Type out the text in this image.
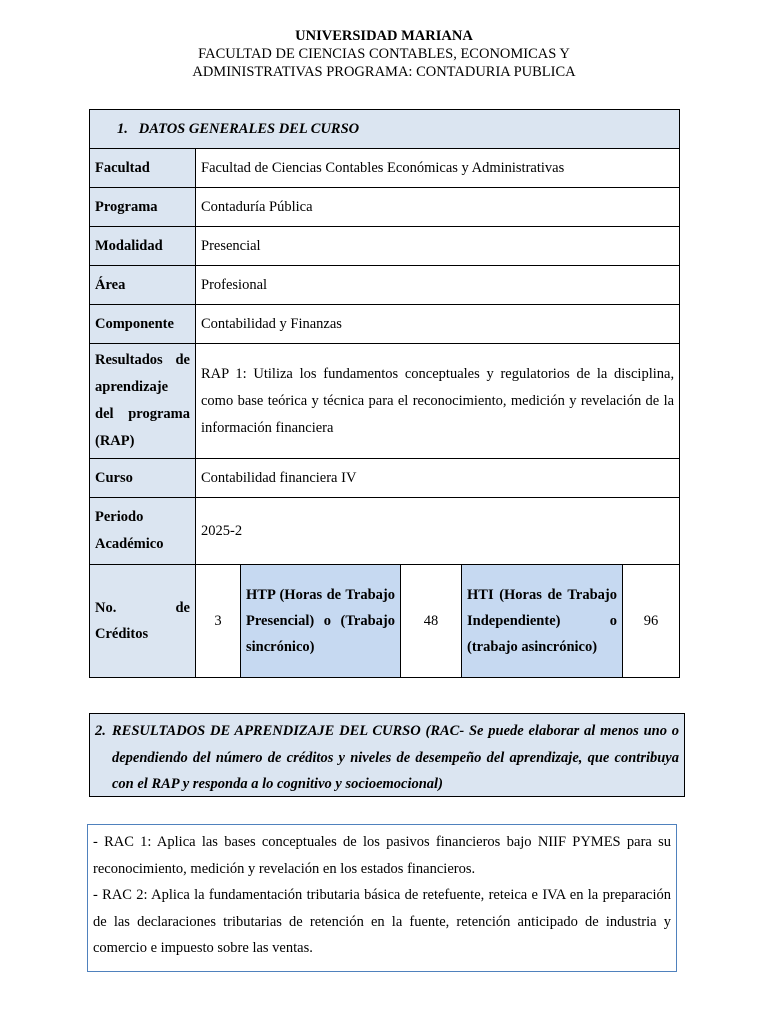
UNIVERSIDAD MARIANA
FACULTAD DE CIENCIAS CONTABLES, ECONOMICAS Y
ADMINISTRATIVAS PROGRAMA: CONTADURIA PUBLICA
1. DATOS GENERALES DEL CURSO					
Facultad	Facultad de Ciencias Contables Económicas y Administrativas				
Programa	Contaduría Pública				
Modalidad	Presencial				
Área	Profesional				
Componente	Contabilidad y Finanzas				

Resultados de
aprendizaje
del programa
(RAP)	RAP 1: Utiliza los fundamentos conceptuales y regulatorios de la disciplina, como base teórica y técnica para el reconocimiento, medición y revelación de la información financiera				
Curso	Contabilidad financiera IV				

Periodo
Académico	2025-2				

No. de
Créditos	3	HTP (Horas de Trabajo Presencial) o (Trabajo sincrónico)	48	HTI (Horas de Trabajo Independiente) o (trabajo asincrónico)	96
2. RESULTADOS DE APRENDIZAJE DEL CURSO (RAC- Se puede elaborar al menos uno o dependiendo del número de créditos y niveles de desempeño del aprendizaje, que contribuya con el RAP y responda a lo cognitivo y socioemocional)

- RAC 1: Aplica las bases conceptuales de los pasivos financieros bajo NIIF PYMES para su reconocimiento, medición y revelación en los estados financieros.

- RAC 2: Aplica la fundamentación tributaria básica de retefuente, reteica e IVA en la preparación de las declaraciones tributarias de retención en la fuente, retención anticipado de industria y comercio e impuesto sobre las ventas.
